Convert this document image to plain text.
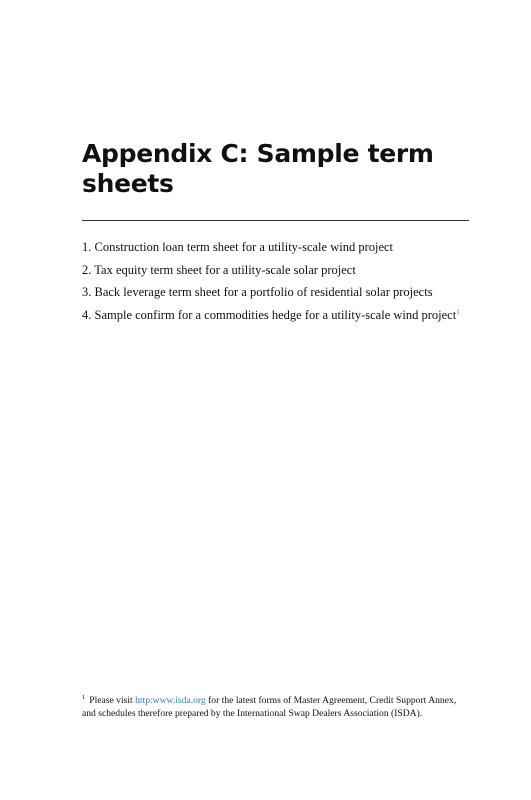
Appendix C: Sample term
sheets
1. Construction loan term sheet for a utility-scale wind project
2. Tax equity term sheet for a utility-scale solar project
3. Back leverage term sheet for a portfolio of residential solar projects
4. Sample confirm for a commodities hedge for a utility-scale wind project$^1$
$^1$ Please visit http:www.isda.org for the latest forms of Master Agreement, Credit Support Annex,
and schedules therefore prepared by the International Swap Dealers Association (ISDA).
